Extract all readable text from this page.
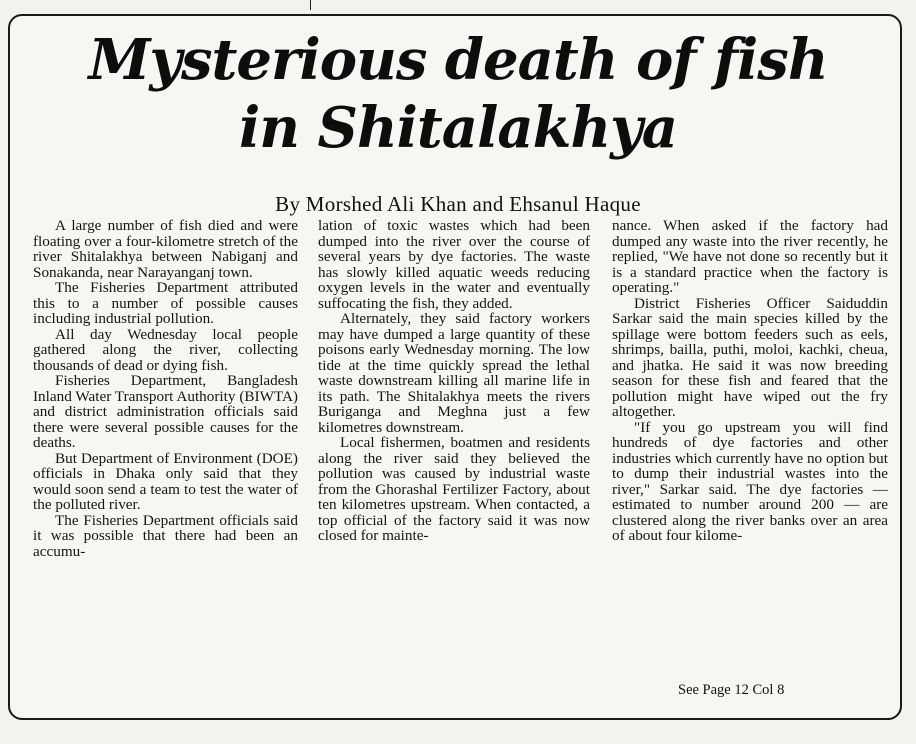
Mysterious death of fish
in Shitalakhya

By Morshed Ali Khan and Ehsanul Haque

A large number of fish died and were floating over a four-kilometre stretch of the river Shitalakhya between Nabiganj and Sonakanda, near Narayanganj town.

The Fisheries Department attributed this to a number of possible causes including industrial pollution.

All day Wednesday local people gathered along the river, collecting thousands of dead or dying fish.

Fisheries Department, Bangladesh Inland Water Transport Authority (BIWTA) and district administration officials said there were several possible causes for the deaths.

But Department of Environment (DOE) officials in Dhaka only said that they would soon send a team to test the water of the polluted river.

The Fisheries Department officials said it was possible that there had been an accumu-

lation of toxic wastes which had been dumped into the river over the course of several years by dye factories. The waste has slowly killed aquatic weeds reducing oxygen levels in the water and eventually suffocating the fish, they added.

Alternately, they said factory workers may have dumped a large quantity of these poisons early Wednesday morning. The low tide at the time quickly spread the lethal waste downstream killing all marine life in its path. The Shitalakhya meets the rivers Buriganga and Meghna just a few kilometres downstream.

Local fishermen, boatmen and residents along the river said they believed the pollution was caused by industrial waste from the Ghorashal Fertilizer Factory, about ten kilometres upstream. When contacted, a top official of the factory said it was now closed for mainte-

nance. When asked if the factory had dumped any waste into the river recently, he replied, "We have not done so recently but it is a standard practice when the factory is operating."

District Fisheries Officer Saiduddin Sarkar said the main species killed by the spillage were bottom feeders such as eels, shrimps, bailla, puthi, moloi, kachki, cheua, and jhatka. He said it was now breeding season for these fish and feared that the pollution might have wiped out the fry altogether.

"If you go upstream you will find hundreds of dye factories and other industries which currently have no option but to dump their industrial wastes into the river," Sarkar said. The dye factories — estimated to number around 200 — are clustered along the river banks over an area of about four kilome-

See Page 12 Col 8
